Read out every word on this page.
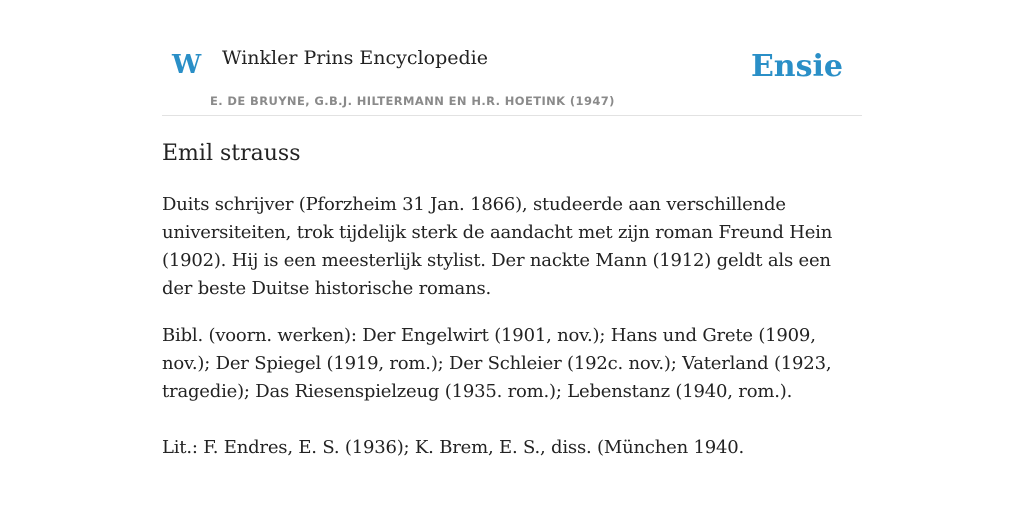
W Winkler Prins Encyclopedie
E. DE BRUYNE, G.B.J. HILTERMANN EN H.R. HOETINK (1947)
Ensie
Emil strauss

Duits schrijver (Pforzheim 31 Jan. 1866), studeerde aan verschillende universiteiten, trok tijdelijk sterk de aandacht met zijn roman Freund Hein (1902). Hij is een meesterlijk stylist. Der nackte Mann (1912) geldt als een der beste Duitse historische romans.

Bibl. (voorn. werken): Der Engelwirt (1901, nov.); Hans und Grete (1909, nov.); Der Spiegel (1919, rom.); Der Schleier (192c. nov.); Vaterland (1923, tragedie); Das Riesenspielzeug (1935. rom.); Lebenstanz (1940, rom.).

Lit.: F. Endres, E. S. (1936); K. Brem, E. S., diss. (München 1940.
